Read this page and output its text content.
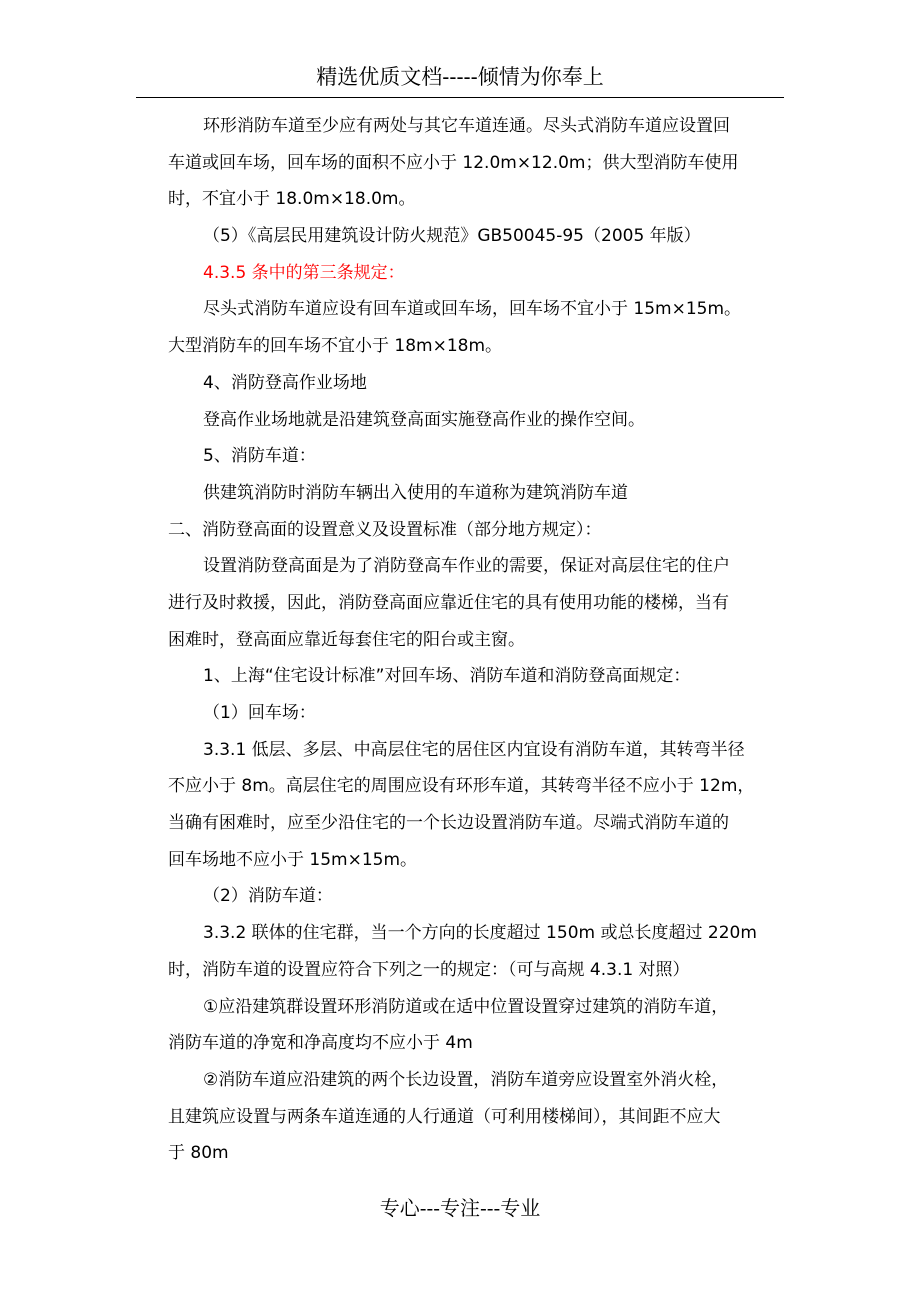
精选优质文档-----倾情为你奉上
环形消防车道至少应有两处与其它车道连通。尽头式消防车道应设置回
车道或回车场，回车场的面积不应小于 12.0m×12.0m；供大型消防车使用
时，不宜小于 18.0m×18.0m。
（5）《高层民用建筑设计防火规范》GB50045-95（2005 年版）
4.3.5 条中的第三条规定：
尽头式消防车道应设有回车道或回车场，回车场不宜小于 15m×15m。
大型消防车的回车场不宜小于 18m×18m。
4、消防登高作业场地
登高作业场地就是沿建筑登高面实施登高作业的操作空间。
5、消防车道：
供建筑消防时消防车辆出入使用的车道称为建筑消防车道
二、消防登高面的设置意义及设置标准（部分地方规定）：
设置消防登高面是为了消防登高车作业的需要，保证对高层住宅的住户
进行及时救援，因此，消防登高面应靠近住宅的具有使用功能的楼梯，当有
困难时，登高面应靠近每套住宅的阳台或主窗。
1、上海“住宅设计标准”对回车场、消防车道和消防登高面规定：
（1）回车场：
3.3.1 低层、多层、中高层住宅的居住区内宜设有消防车道，其转弯半径
不应小于 8m。高层住宅的周围应设有环形车道，其转弯半径不应小于 12m，
当确有困难时，应至少沿住宅的一个长边设置消防车道。尽端式消防车道的
回车场地不应小于 15m×15m。
（2）消防车道：
3.3.2 联体的住宅群，当一个方向的长度超过 150m 或总长度超过 220m
时，消防车道的设置应符合下列之一的规定：（可与高规 4.3.1 对照）
①应沿建筑群设置环形消防道或在适中位置设置穿过建筑的消防车道，
消防车道的净宽和净高度均不应小于 4m
②消防车道应沿建筑的两个长边设置，消防车道旁应设置室外消火栓，
且建筑应设置与两条车道连通的人行通道（可利用楼梯间），其间距不应大
于 80m
专心---专注---专业
